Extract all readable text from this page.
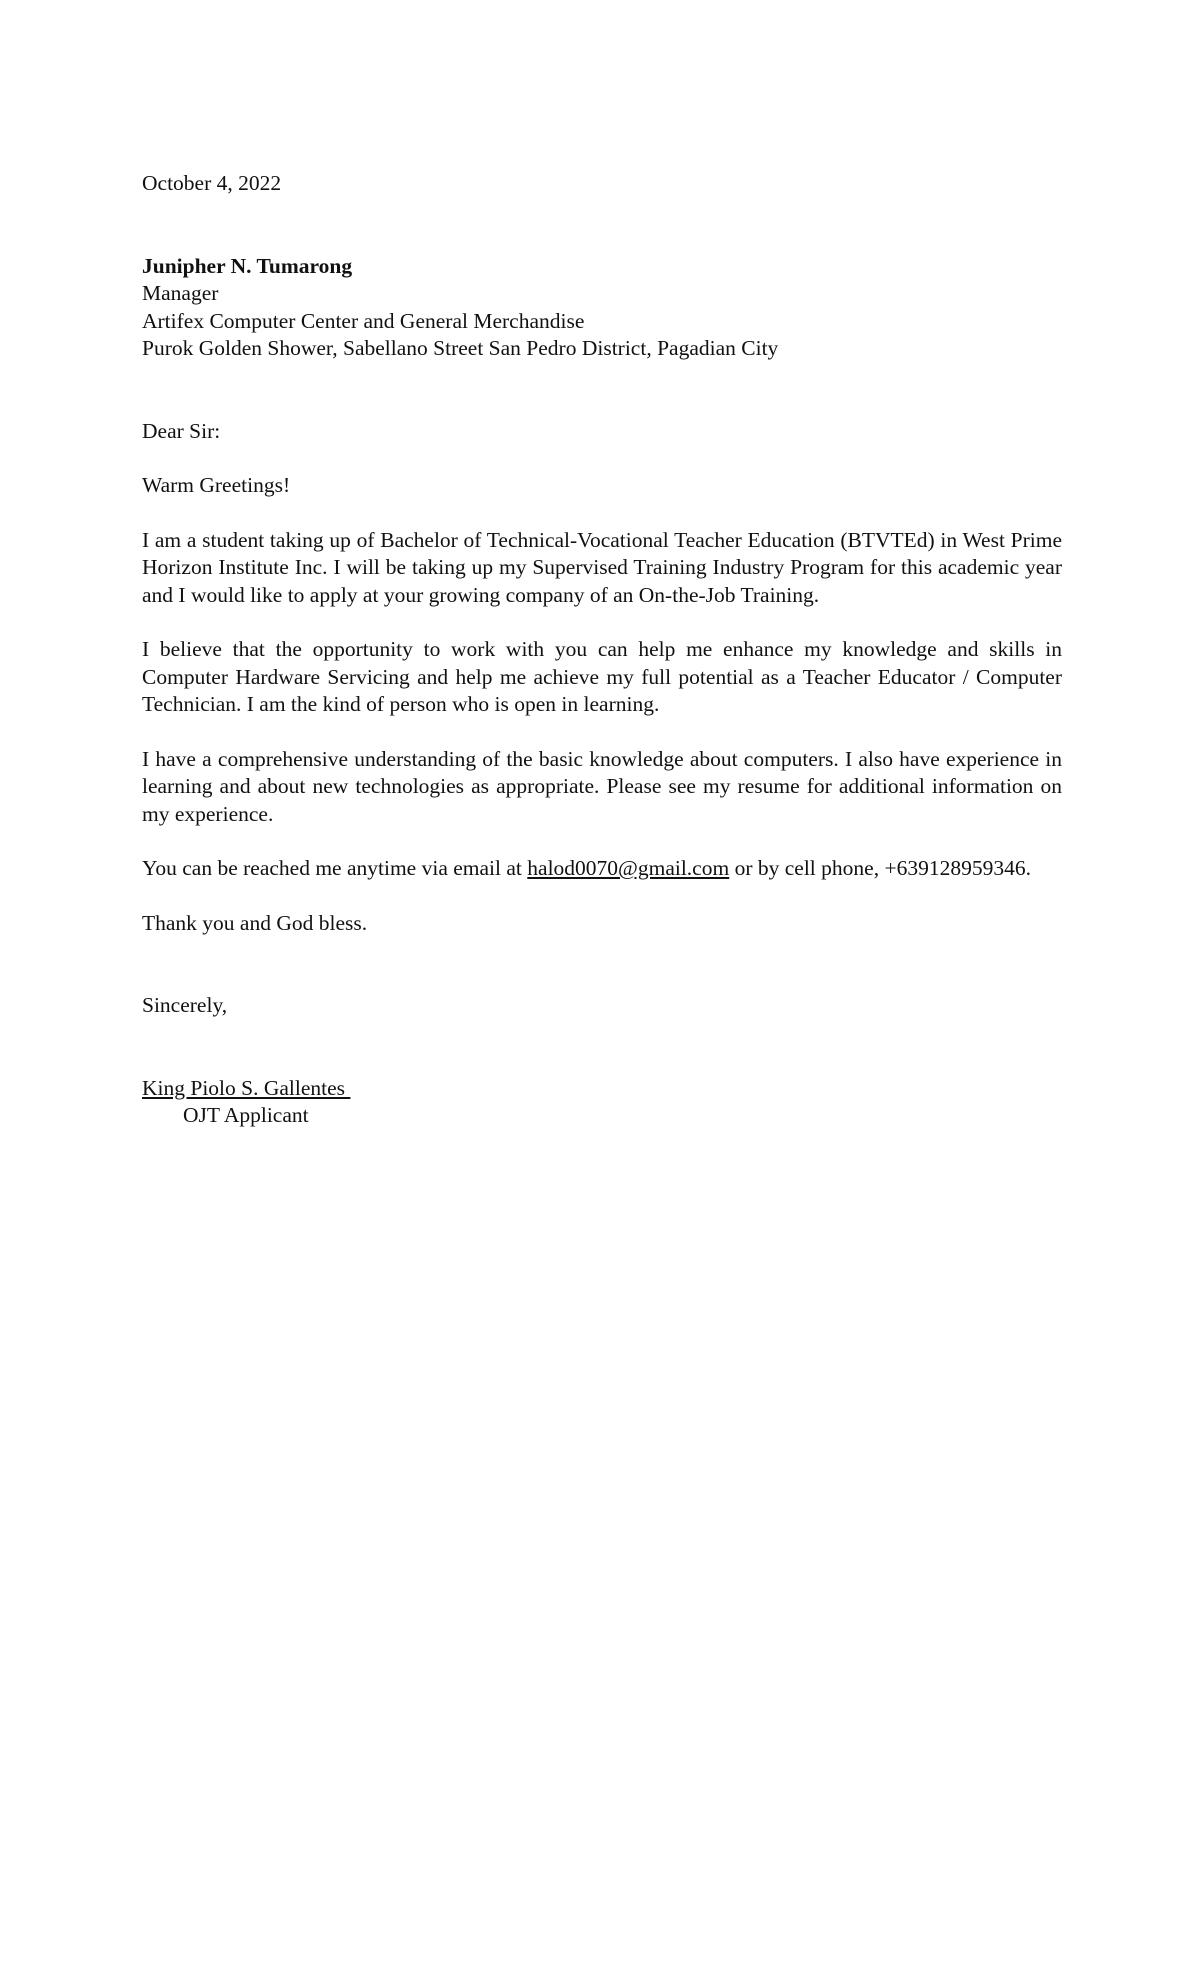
October 4, 2022

Junipher N. Tumarong

Manager

Artifex Computer Center and General Merchandise

Purok Golden Shower, Sabellano Street San Pedro District, Pagadian City

Dear Sir:

Warm Greetings!

I am a student taking up of Bachelor of Technical-Vocational Teacher Education (BTVTEd) in West Prime Horizon Institute Inc. I will be taking up my Supervised Training Industry Program for this academic year and I would like to apply at your growing company of an On-the-Job Training.

I believe that the opportunity to work with you can help me enhance my knowledge and skills in Computer Hardware Servicing and help me achieve my full potential as a Teacher Educator / Computer Technician. I am the kind of person who is open in learning.

I have a comprehensive understanding of the basic knowledge about computers. I also have experience in learning and about new technologies as appropriate. Please see my resume for additional information on my experience.

You can be reached me anytime via email at halod0070@gmail.com or by cell phone, +639128959346.

Thank you and God bless.

Sincerely,

King Piolo S. Gallentes

OJT Applicant
